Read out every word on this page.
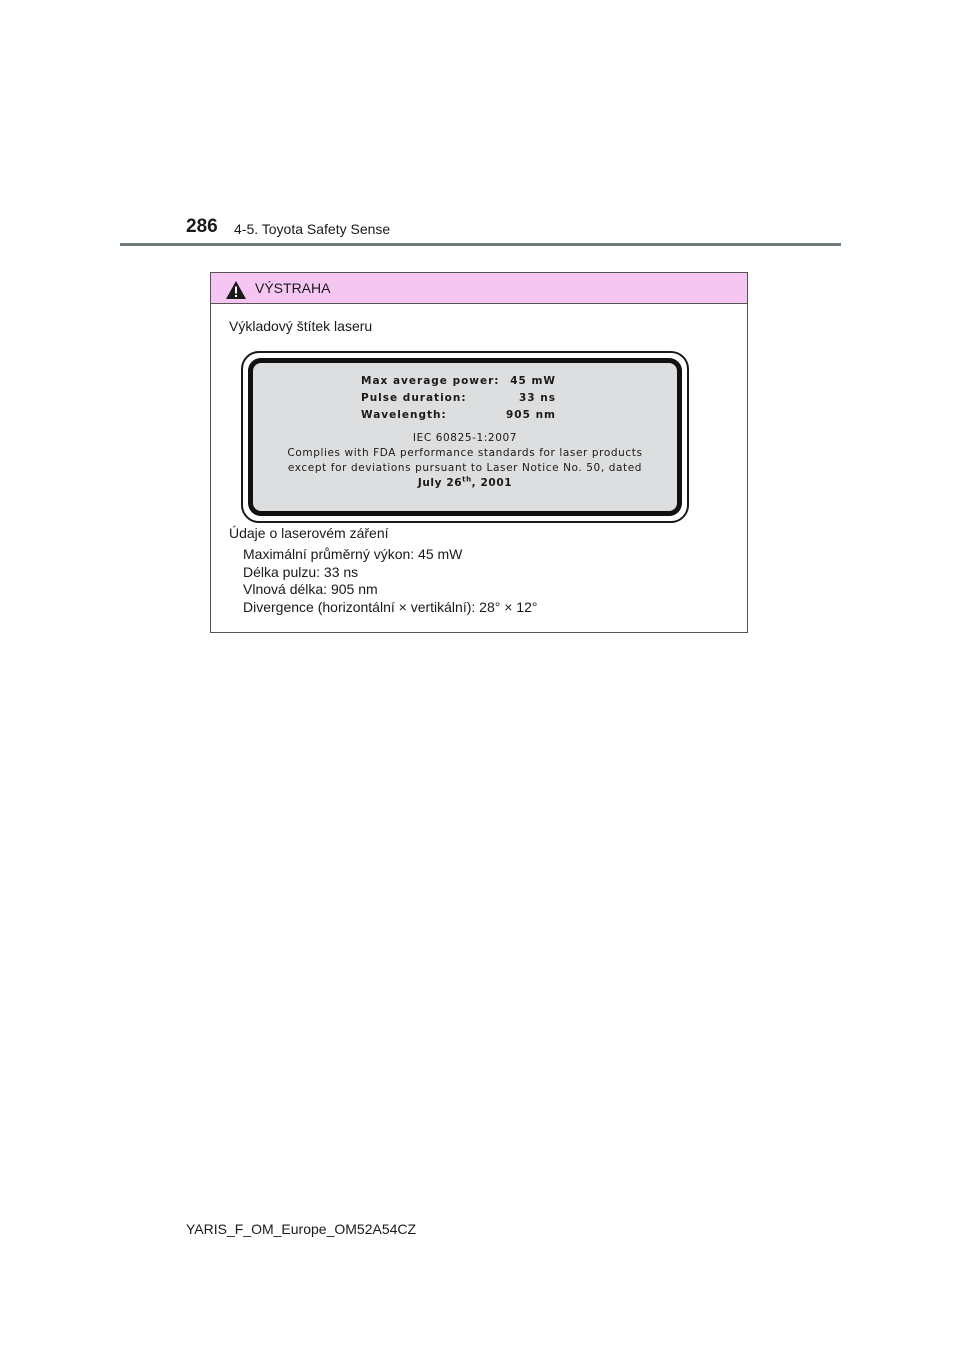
286 4-5. Toyota Safety Sense
VÝSTRAHA
Výkladový štítek laseru
Max average power:	45 mW
Pulse duration:	33 ns
Wavelength:	905 nm
IEC 60825-1:2007
Complies with FDA performance standards for laser products
except for deviations pursuant to Laser Notice No. 50, dated
July 26th, 2001
Údaje o laserovém záření
Maximální průměrný výkon: 45 mW
Délka pulzu: 33 ns
Vlnová délka: 905 nm
Divergence (horizontální × vertikální): 28° × 12°
YARIS_F_OM_Europe_OM52A54CZ
